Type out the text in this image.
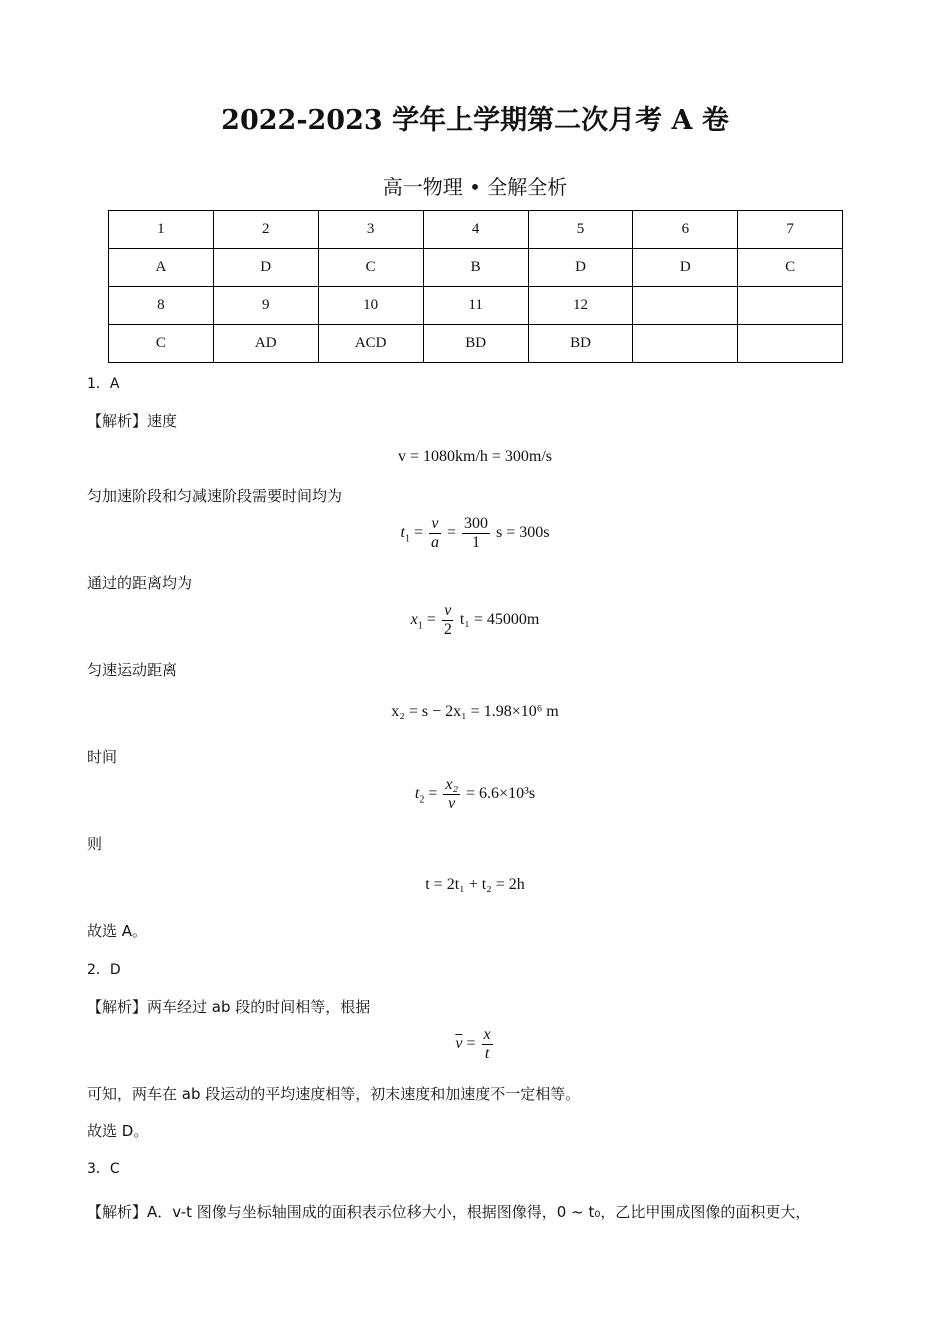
2022-2023 学年上学期第二次月考 A 卷
高一物理 • 全解全析
1	2	3	4	5	6	7
A	D	C	B	D	D	C
8	9	10	11	12		
C	AD	ACD	BD	BD		
1．A
【解析】速度
v = 1080km/h = 300m/s
匀加速阶段和匀减速阶段需要时间均为
$t_1 = \frac{v}{a} = \frac{300}{1}$ s = 300s
通过的距离均为
$x_1 = \frac{v}{2} t_1 = 45000m$
匀速运动距离
x₂ = s − 2x₁ = 1.98×10⁶ m
时间
$t_2 = \frac{\text{x₂}}{v} = 6.6\times 10^3s$
则
t = 2t₁ + t₂ = 2h
故选 A。
2．D
【解析】两车经过 ab 段的时间相等，根据
$\overline{v} = \frac{x}{t}$
可知，两车在 ab 段运动的平均速度相等，初末速度和加速度不一定相等。
故选 D。
3．C
【解析】A．v-t 图像与坐标轴围成的面积表示位移大小，根据图像得，0 ~ t₀，乙比甲围成图像的面积更大，
